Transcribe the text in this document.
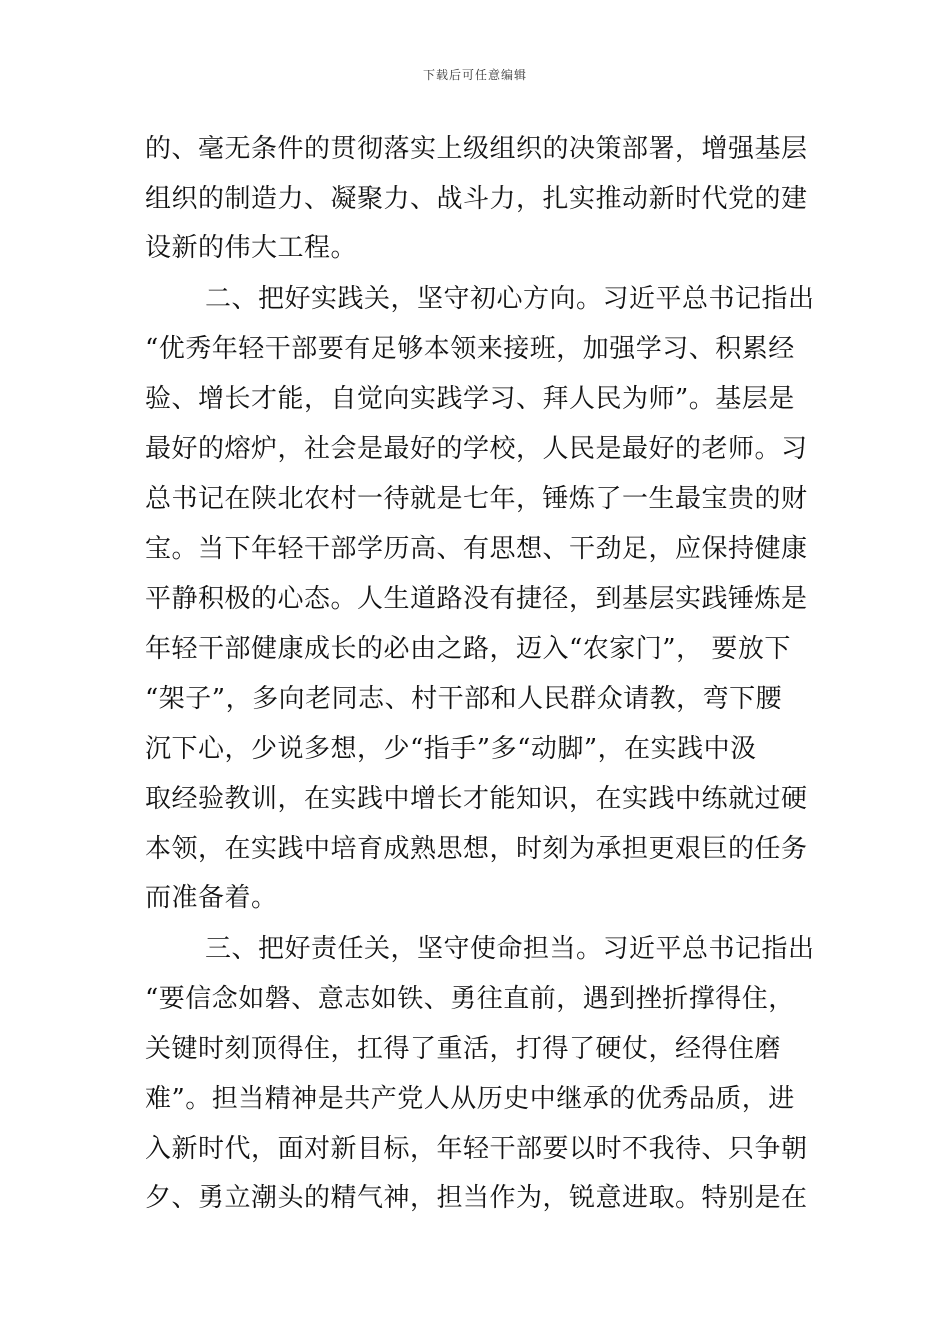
下载后可任意编辑
的、毫无条件的贯彻落实上级组织的决策部署，增强基层
组织的制造力、凝聚力、战斗力，扎实推动新时代党的建
设新的伟大工程。
二、把好实践关，坚守初心方向。习近平总书记指出
“优秀年轻干部要有足够本领来接班，加强学习、积累经
验、增长才能，自觉向实践学习、拜人民为师”。基层是
最好的熔炉，社会是最好的学校，人民是最好的老师。习
总书记在陕北农村一待就是七年，锤炼了一生最宝贵的财
宝。当下年轻干部学历高、有思想、干劲足，应保持健康
平静积极的心态。人生道路没有捷径，到基层实践锤炼是
年轻干部健康成长的必由之路，迈入“农家门”， 要放下
“架子”，多向老同志、村干部和人民群众请教，弯下腰
沉下心，少说多想，少“指手”多“动脚”，在实践中汲
取经验教训，在实践中增长才能知识，在实践中练就过硬
本领，在实践中培育成熟思想，时刻为承担更艰巨的任务
而准备着。
三、把好责任关，坚守使命担当。习近平总书记指出
“要信念如磐、意志如铁、勇往直前，遇到挫折撑得住，
关键时刻顶得住，扛得了重活，打得了硬仗，经得住磨
难”。担当精神是共产党人从历史中继承的优秀品质，进
入新时代，面对新目标，年轻干部要以时不我待、只争朝
夕、勇立潮头的精气神，担当作为，锐意进取。特别是在
